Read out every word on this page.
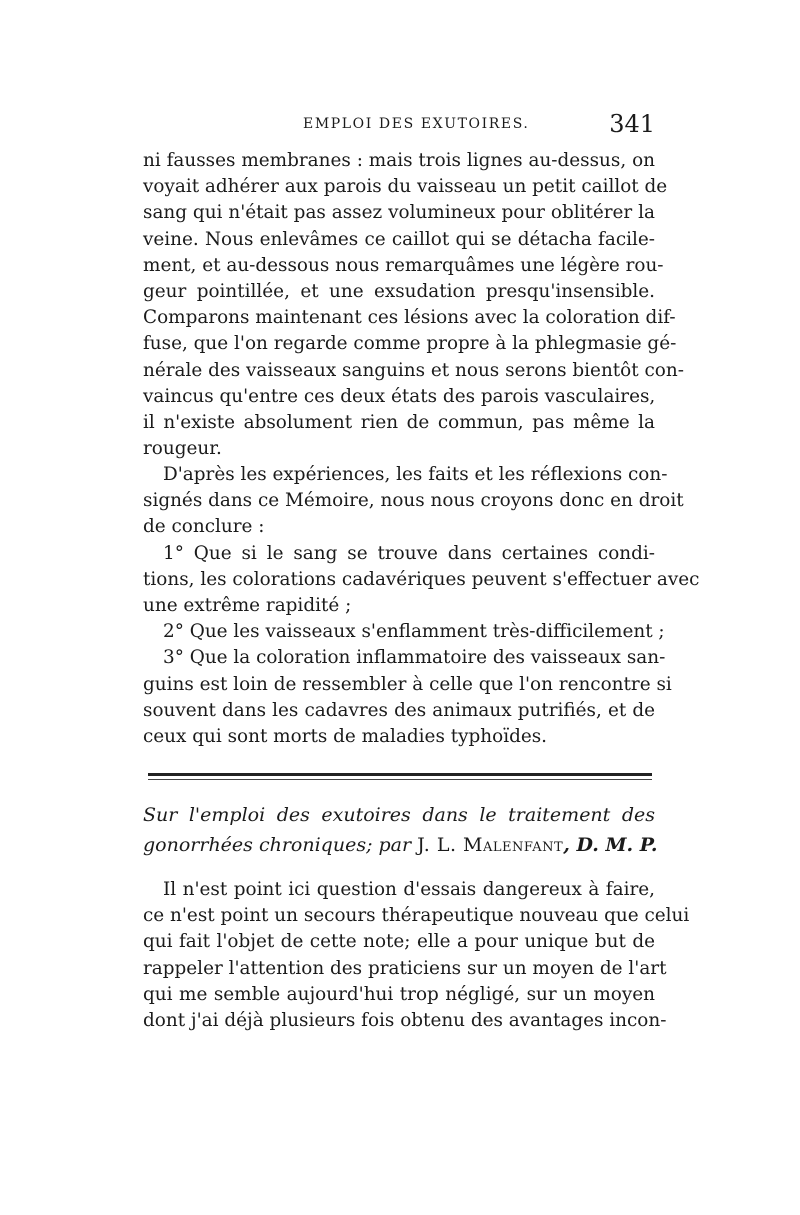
EMPLOI DES EXUTOIRES.	341
ni fausses membranes : mais trois lignes au-dessus, on
voyait adhérer aux parois du vaisseau un petit caillot de
sang qui n'était pas assez volumineux pour oblitérer la
veine. Nous enlevâmes ce caillot qui se détacha facile-
ment, et au-dessous nous remarquâmes une légère rou-
geur pointillée, et une exsudation presqu'insensible.
Comparons maintenant ces lésions avec la coloration dif-
fuse, que l'on regarde comme propre à la phlegmasie gé-
nérale des vaisseaux sanguins et nous serons bientôt con-
vaincus qu'entre ces deux états des parois vasculaires,
il n'existe absolument rien de commun, pas même la
rougeur.
D'après les expériences, les faits et les réflexions con-
signés dans ce Mémoire, nous nous croyons donc en droit
de conclure :
1° Que si le sang se trouve dans certaines condi-
tions, les colorations cadavériques peuvent s'effectuer avec
une extrême rapidité ;
2° Que les vaisseaux s'enflamment très-difficilement ;
3° Que la coloration inflammatoire des vaisseaux san-
guins est loin de ressembler à celle que l'on rencontre si
souvent dans les cadavres des animaux putrifiés, et de
ceux qui sont morts de maladies typhoïdes.
Sur l'emploi des exutoires dans le traitement des
gonorrhées chroniques; par J. L. Malenfant, D. M. P.
Il n'est point ici question d'essais dangereux à faire,
ce n'est point un secours thérapeutique nouveau que celui
qui fait l'objet de cette note; elle a pour unique but de
rappeler l'attention des praticiens sur un moyen de l'art
qui me semble aujourd'hui trop négligé, sur un moyen
dont j'ai déjà plusieurs fois obtenu des avantages incon-
